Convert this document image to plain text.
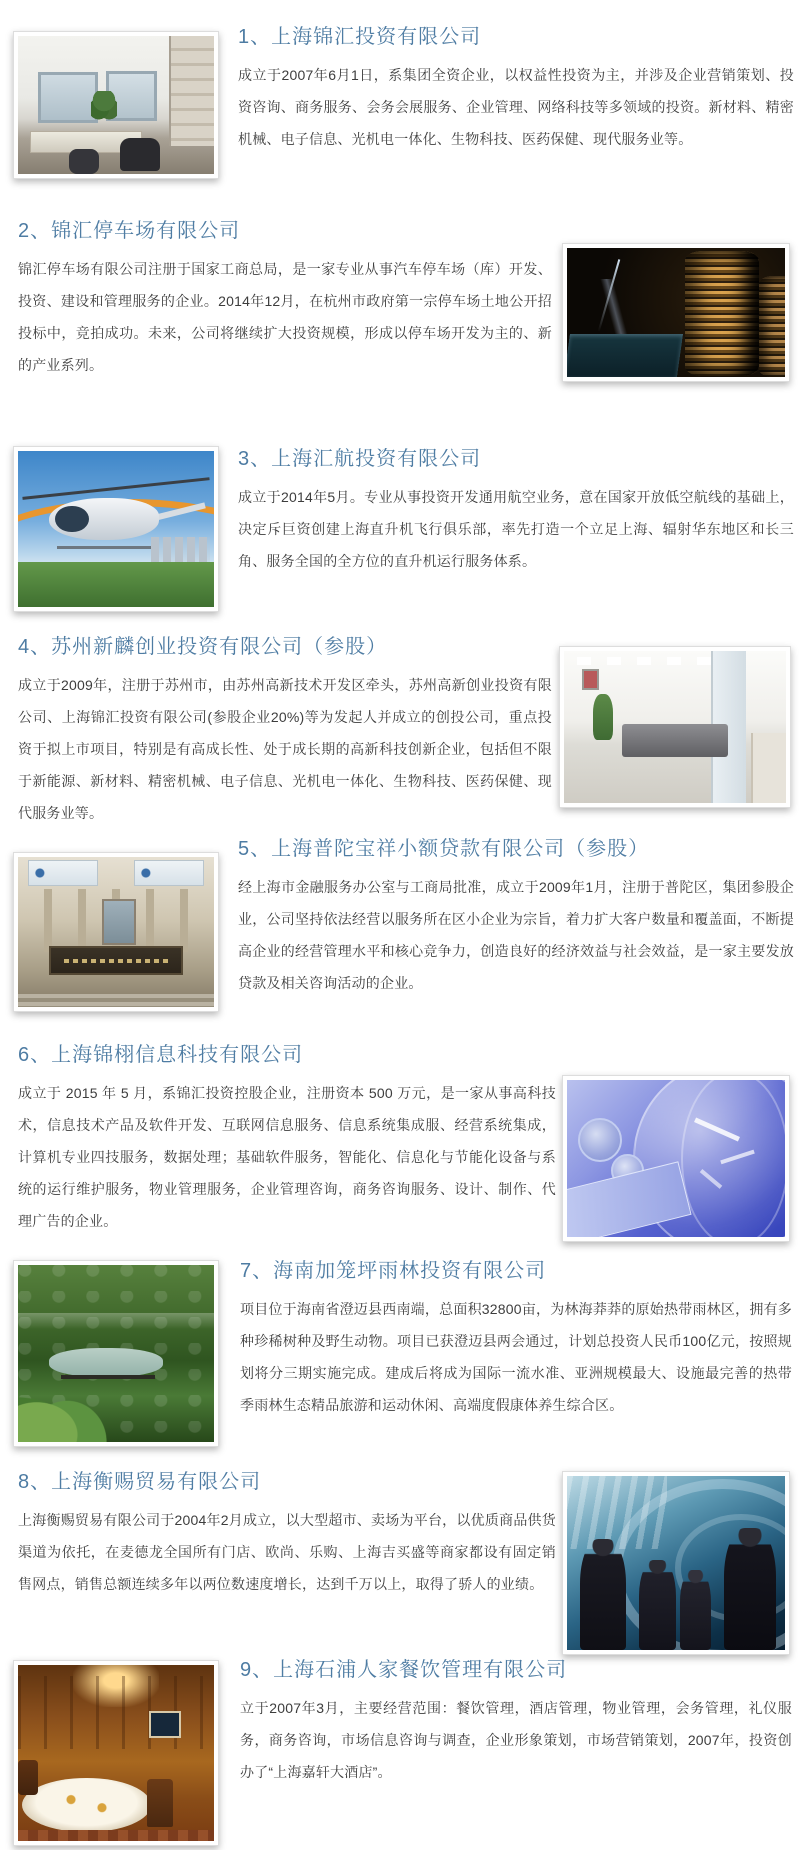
1、上海锦汇投资有限公司

成立于2007年6月1日，系集团全资企业，以权益性投资为主，并涉及企业营销策划、投资咨询、商务服务、会务会展服务、企业管理、网络科技等多领域的投资。新材料、精密机械、电子信息、光机电一体化、生物科技、医药保健、现代服务业等。

2、锦汇停车场有限公司

锦汇停车场有限公司注册于国家工商总局，是一家专业从事汽车停车场（库）开发、投资、建设和管理服务的企业。2014年12月，在杭州市政府第一宗停车场土地公开招投标中，竞拍成功。未来，公司将继续扩大投资规模，形成以停车场开发为主的、新的产业系列。

3、上海汇航投资有限公司

成立于2014年5月。专业从事投资开发通用航空业务，意在国家开放低空航线的基础上，决定斥巨资创建上海直升机飞行俱乐部，率先打造一个立足上海、辐射华东地区和长三角、服务全国的全方位的直升机运行服务体系。

4、苏州新麟创业投资有限公司（参股）

成立于2009年，注册于苏州市，由苏州高新技术开发区牵头，苏州高新创业投资有限公司、上海锦汇投资有限公司(参股企业20%)等为发起人并成立的创投公司，重点投资于拟上市项目，特别是有高成长性、处于成长期的高新科技创新企业，包括但不限于新能源、新材料、精密机械、电子信息、光机电一体化、生物科技、医药保健、现代服务业等。

5、上海普陀宝祥小额贷款有限公司（参股）

经上海市金融服务办公室与工商局批准，成立于2009年1月，注册于普陀区，集团参股企业，公司坚持依法经营以服务所在区小企业为宗旨，着力扩大客户数量和覆盖面，不断提高企业的经营管理水平和核心竞争力，创造良好的经济效益与社会效益，是一家主要发放贷款及相关咨询活动的企业。

6、上海锦栩信息科技有限公司

成立于 2015 年 5 月，系锦汇投资控股企业，注册资本 500 万元，是一家从事高科技术，信息技术产品及软件开发、互联网信息服务、信息系统集成服、经营系统集成，计算机专业四技服务，数据处理；基础软件服务，智能化、信息化与节能化设备与系统的运行维护服务，物业管理服务，企业管理咨询，商务咨询服务、设计、制作、代理广告的企业。

7、海南加笼坪雨林投资有限公司

项目位于海南省澄迈县西南端，总面积32800亩，为林海莽莽的原始热带雨林区，拥有多种珍稀树种及野生动物。项目已获澄迈县两会通过，计划总投资人民币100亿元，按照规划将分三期实施完成。建成后将成为国际一流水准、亚洲规模最大、设施最完善的热带季雨林生态精品旅游和运动休闲、高端度假康体养生综合区。

8、上海衡赐贸易有限公司

上海衡赐贸易有限公司于2004年2月成立，以大型超市、卖场为平台，以优质商品供货渠道为依托，在麦德龙全国所有门店、欧尚、乐购、上海吉买盛等商家都设有固定销售网点，销售总额连续多年以两位数速度增长，达到千万以上，取得了骄人的业绩。

9、上海石浦人家餐饮管理有限公司

立于2007年3月，主要经营范围：餐饮管理，酒店管理，物业管理，会务管理，礼仪服务，商务咨询，市场信息咨询与调查，企业形象策划，市场营销策划，2007年，投资创办了“上海嘉轩大酒店”。
